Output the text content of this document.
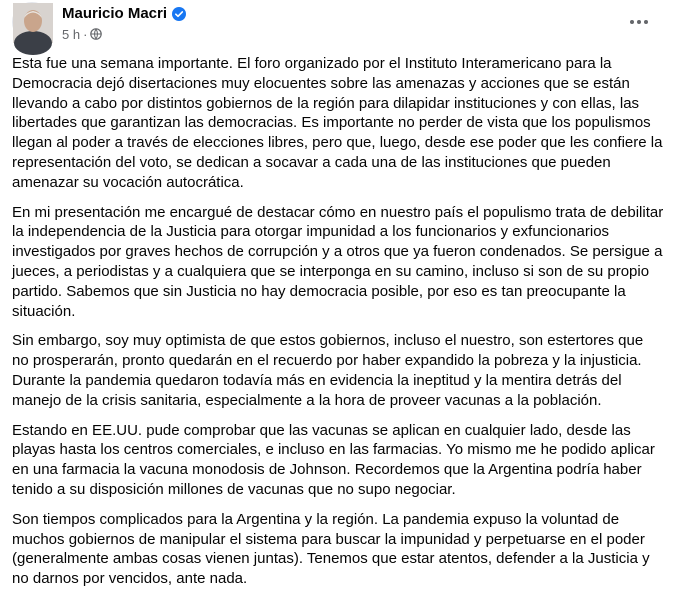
Mauricio Macri
5 h ·

Esta fue una semana importante. El foro organizado por el Instituto Interamericano para la Democracia dejó disertaciones muy elocuentes sobre las amenazas y acciones que se están llevando a cabo por distintos gobiernos de la región para dilapidar instituciones y con ellas, las libertades que garantizan las democracias. Es importante no perder de vista que los populismos llegan al poder a través de elecciones libres, pero que, luego, desde ese poder que les confiere la representación del voto, se dedican a socavar a cada una de las instituciones que pueden amenazar su vocación autocrática.

En mi presentación me encargué de destacar cómo en nuestro país el populismo trata de debilitar la independencia de la Justicia para otorgar impunidad a los funcionarios y exfuncionarios investigados por graves hechos de corrupción y a otros que ya fueron condenados. Se persigue a jueces, a periodistas y a cualquiera que se interponga en su camino, incluso si son de su propio partido. Sabemos que sin Justicia no hay democracia posible, por eso es tan preocupante la situación.

Sin embargo, soy muy optimista de que estos gobiernos, incluso el nuestro, son estertores que no prosperarán, pronto quedarán en el recuerdo por haber expandido la pobreza y la injusticia. Durante la pandemia quedaron todavía más en evidencia la ineptitud y la mentira detrás del manejo de la crisis sanitaria, especialmente a la hora de proveer vacunas a la población.

Estando en EE.UU. pude comprobar que las vacunas se aplican en cualquier lado, desde las playas hasta los centros comerciales, e incluso en las farmacias. Yo mismo me he podido aplicar en una farmacia la vacuna monodosis de Johnson. Recordemos que la Argentina podría haber tenido a su disposición millones de vacunas que no supo negociar.

Son tiempos complicados para la Argentina y la región. La pandemia expuso la voluntad de muchos gobiernos de manipular el sistema para buscar la impunidad y perpetuarse en el poder (generalmente ambas cosas vienen juntas). Tenemos que estar atentos, defender a la Justicia y no darnos por vencidos, ante nada.
